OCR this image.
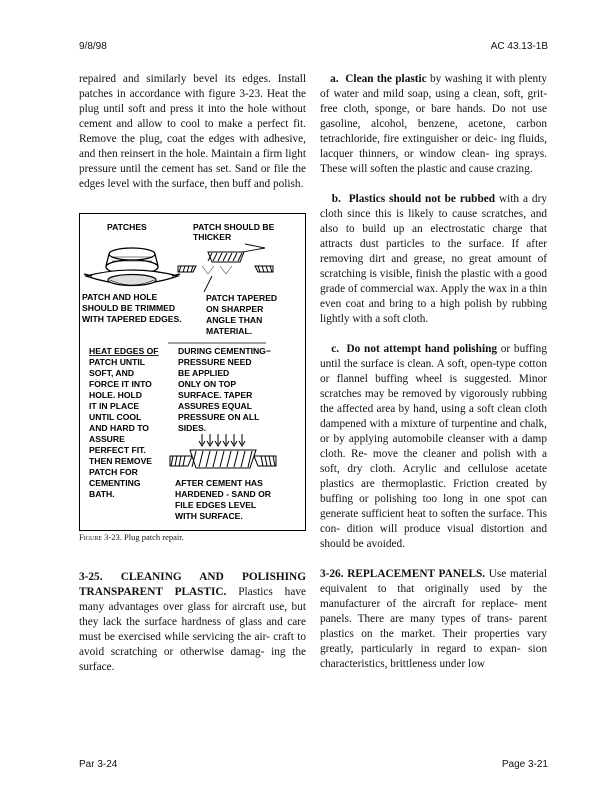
9/8/98	AC 43.13-1B

repaired and similarly bevel its edges. Install patches in accordance with figure 3-23. Heat the plug until soft and press it into the hole without cement and allow to cool to make a perfect fit. Remove the plug, coat the edges with adhesive, and then reinsert in the hole. Maintain a firm light pressure until the cement has set. Sand or file the edges level with the surface, then buff and polish.

PATCHES	PATCH SHOULD BE
THICKER
PATCH AND HOLE
SHOULD BE TRIMMED
WITH TAPERED EDGES.
PATCH TAPERED
ON SHARPER
ANGLE THAN
MATERIAL.
HEAT EDGES OF
PATCH UNTIL
SOFT, AND
FORCE IT INTO
HOLE. HOLD
IT IN PLACE
UNTIL COOL
AND HARD TO
ASSURE
PERFECT FIT.
THEN REMOVE
PATCH FOR
CEMENTING
BATH.
DURING CEMENTING−
PRESSURE NEED
BE APPLIED
ONLY ON TOP
SURFACE. TAPER
ASSURES EQUAL
PRESSURE ON ALL
SIDES.
AFTER CEMENT HAS
HARDENED - SAND OR
FILE EDGES LEVEL
WITH SURFACE.
Figure 3-23. Plug patch repair.

3-25. CLEANING AND POLISHING TRANSPARENT PLASTIC. Plastics have many advantages over glass for aircraft use, but they lack the surface hardness of glass and care must be exercised while servicing the air- craft to avoid scratching or otherwise damag- ing the surface.

a. Clean the plastic by washing it with plenty of water and mild soap, using a clean, soft, grit-free cloth, sponge, or bare hands. Do not use gasoline, alcohol, benzene, acetone, carbon tetrachloride, fire extinguisher or deic- ing fluids, lacquer thinners, or window clean- ing sprays. These will soften the plastic and cause crazing.

b. Plastics should not be rubbed with a dry cloth since this is likely to cause scratches, and also to build up an electrostatic charge that attracts dust particles to the surface. If after removing dirt and grease, no great amount of scratching is visible, finish the plastic with a good grade of commercial wax. Apply the wax in a thin even coat and bring to a high polish by rubbing lightly with a soft cloth.

c. Do not attempt hand polishing or buffing until the surface is clean. A soft, open-type cotton or flannel buffing wheel is suggested. Minor scratches may be removed by vigorously rubbing the affected area by hand, using a soft clean cloth dampened with a mixture of turpentine and chalk, or by applying automobile cleanser with a damp cloth. Re- move the cleaner and polish with a soft, dry cloth. Acrylic and cellulose acetate plastics are thermoplastic. Friction created by buffing or polishing too long in one spot can generate sufficient heat to soften the surface. This con- dition will produce visual distortion and should be avoided.

3-26. REPLACEMENT PANELS. Use material equivalent to that originally used by the manufacturer of the aircraft for replace- ment panels. There are many types of trans- parent plastics on the market. Their properties vary greatly, particularly in regard to expan- sion characteristics, brittleness under low

Par 3-24	Page 3-21
